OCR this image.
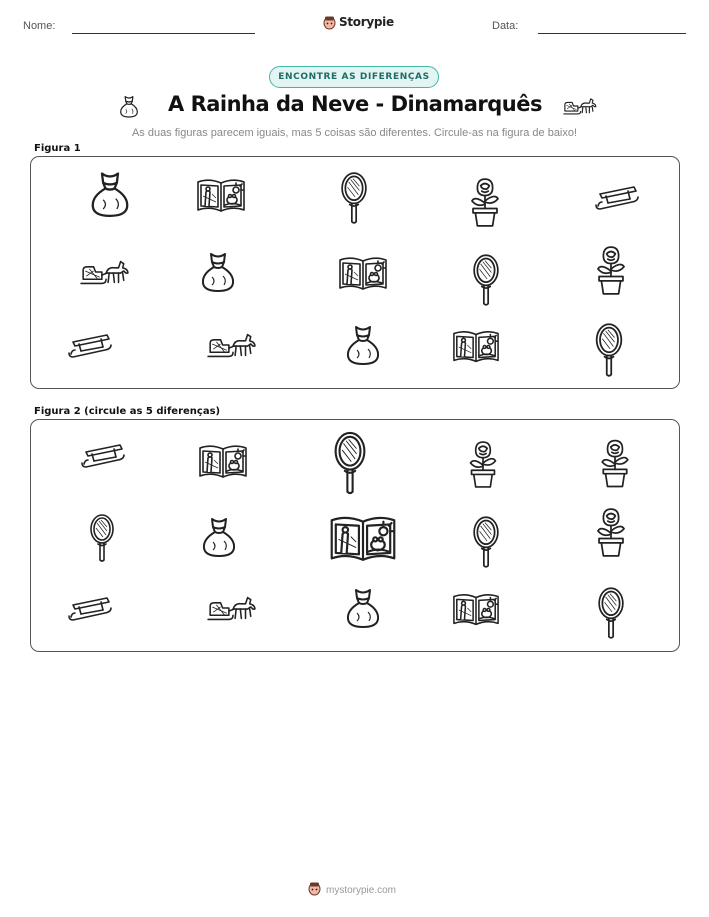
Nome:	Storypie	Data:
ENCONTRE AS DIFERENÇAS
A Rainha da Neve - Dinamarquês
As duas figuras parecem iguais, mas 5 coisas são diferentes. Circule-as na figura de baixo!
Figura 1
Figura 2 (circule as 5 diferenças)
mystorypie.com
